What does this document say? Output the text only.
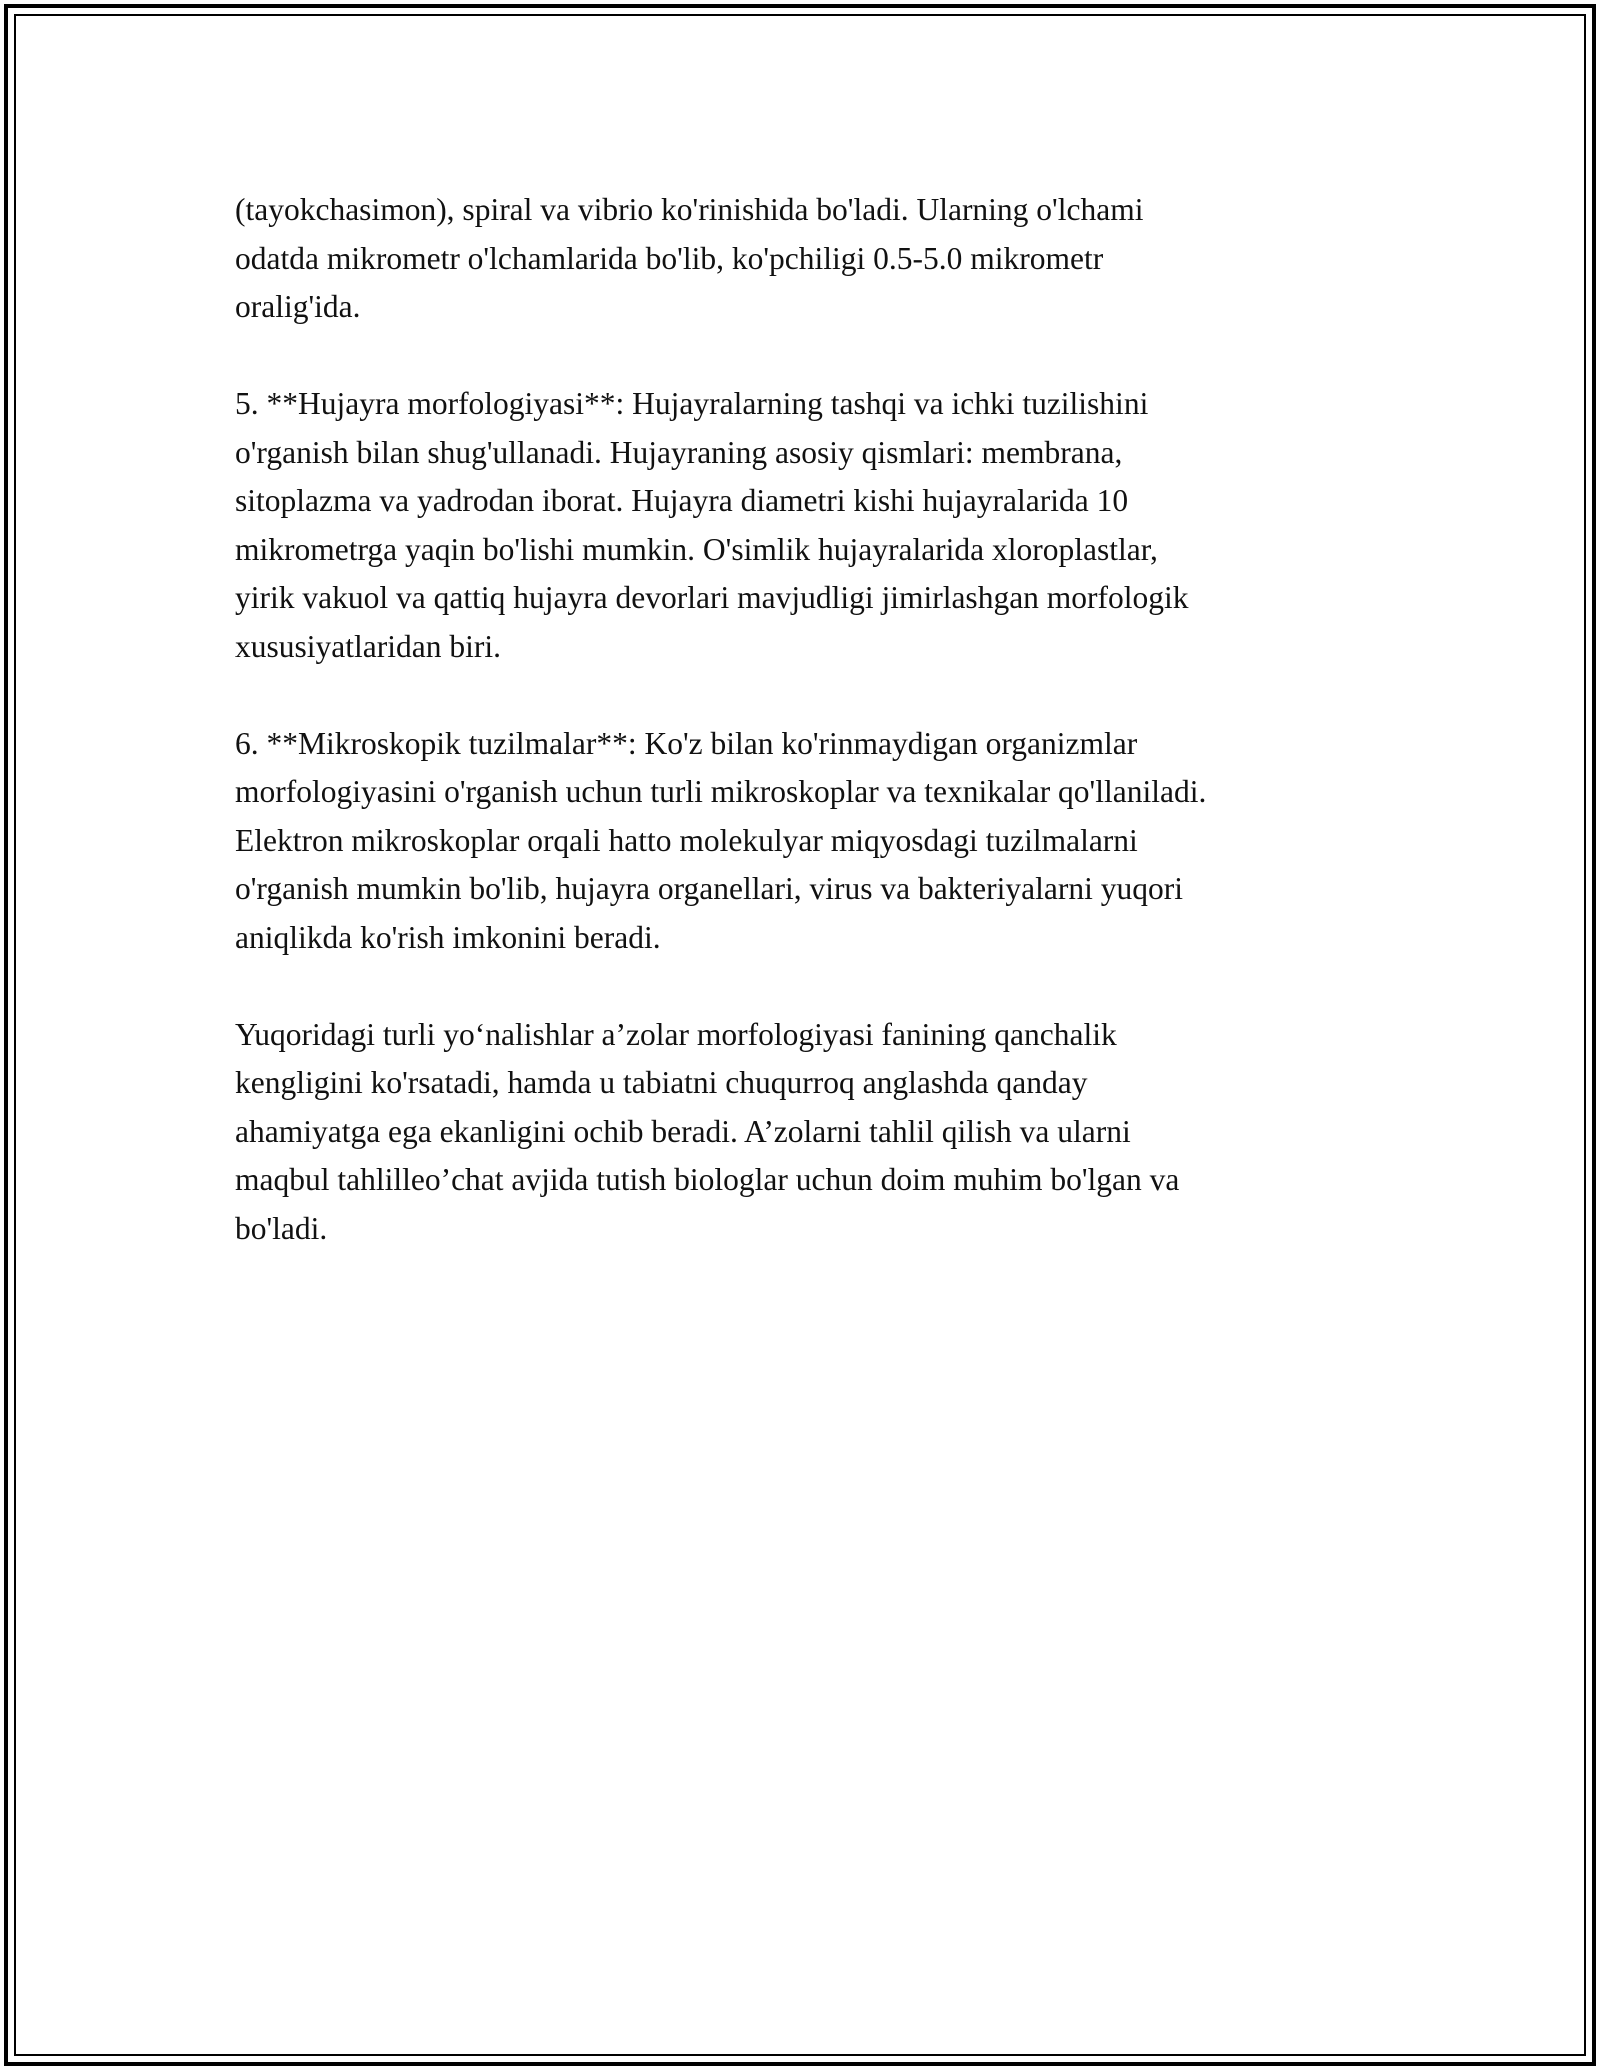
(tayokchasimon), spiral va vibrio ko'rinishida bo'ladi. Ularning o'lchami
odatda mikrometr o'lchamlarida bo'lib, ko'pchiligi 0.5-5.0 mikrometr
oralig'ida.

5. **Hujayra morfologiyasi**: Hujayralarning tashqi va ichki tuzilishini
o'rganish bilan shug'ullanadi. Hujayraning asosiy qismlari: membrana,
sitoplazma va yadrodan iborat. Hujayra diametri kishi hujayralarida 10
mikrometrga yaqin bo'lishi mumkin. O'simlik hujayralarida xloroplastlar,
yirik vakuol va qattiq hujayra devorlari mavjudligi jimirlashgan morfologik
xususiyatlaridan biri.

6. **Mikroskopik tuzilmalar**: Ko'z bilan ko'rinmaydigan organizmlar
morfologiyasini o'rganish uchun turli mikroskoplar va texnikalar qo'llaniladi.
Elektron mikroskoplar orqali hatto molekulyar miqyosdagi tuzilmalarni
o'rganish mumkin bo'lib, hujayra organellari, virus va bakteriyalarni yuqori
aniqlikda ko'rish imkonini beradi.

Yuqoridagi turli yo‘nalishlar a’zolar morfologiyasi fanining qanchalik
kengligini ko'rsatadi, hamda u tabiatni chuqurroq anglashda qanday
ahamiyatga ega ekanligini ochib beradi. A’zolarni tahlil qilish va ularni
maqbul tahlilleo’chat avjida tutish biologlar uchun doim muhim bo'lgan va
bo'ladi.
